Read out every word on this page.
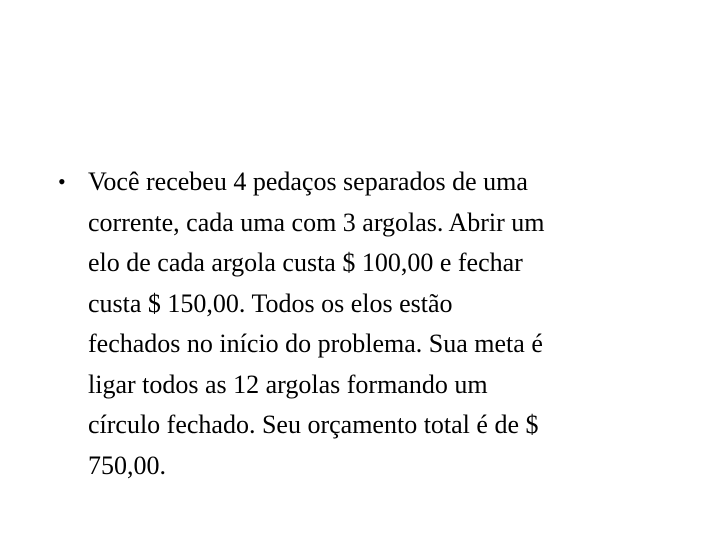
• Você recebeu 4 pedaços separados de uma
corrente, cada uma com 3 argolas. Abrir um
elo de cada argola custa $ 100,00 e fechar
custa $ 150,00. Todos os elos estão
fechados no início do problema. Sua meta é
ligar todos as 12 argolas formando um
círculo fechado. Seu orçamento total é de $
750,00.
